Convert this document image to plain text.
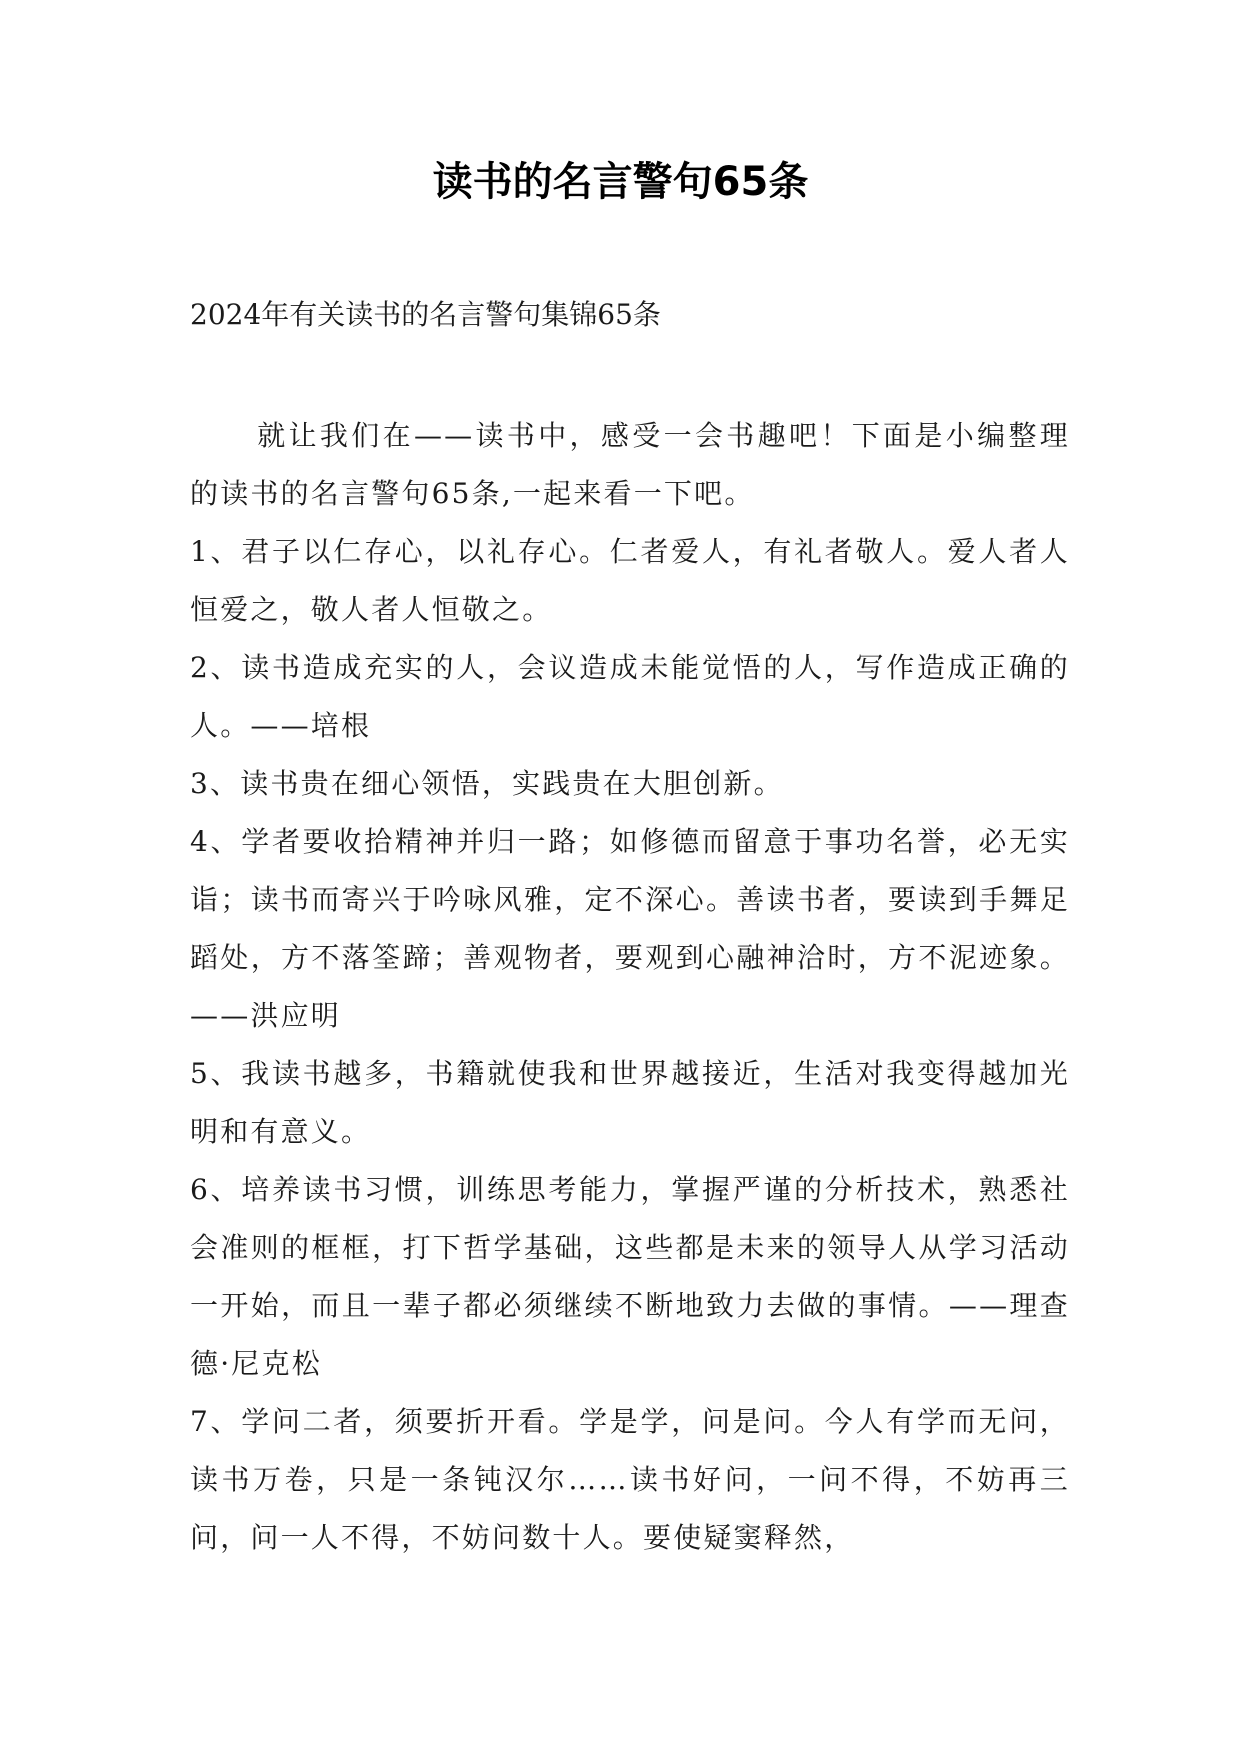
读书的名言警句65条

2024年有关读书的名言警句集锦65条

就让我们在——读书中，感受一会书趣吧！下面是小编整理的读书的名言警句65条,一起来看一下吧。

1、君子以仁存心，以礼存心。仁者爱人，有礼者敬人。爱人者人恒爱之，敬人者人恒敬之。

2、读书造成充实的人，会议造成未能觉悟的人，写作造成正确的人。——培根

3、读书贵在细心领悟，实践贵在大胆创新。

4、学者要收拾精神并归一路；如修德而留意于事功名誉，必无实诣；读书而寄兴于吟咏风雅，定不深心。善读书者，要读到手舞足蹈处，方不落筌蹄；善观物者，要观到心融神洽时，方不泥迹象。——洪应明

5、我读书越多，书籍就使我和世界越接近，生活对我变得越加光明和有意义。

6、培养读书习惯，训练思考能力，掌握严谨的分析技术，熟悉社会准则的框框，打下哲学基础，这些都是未来的领导人从学习活动一开始，而且一辈子都必须继续不断地致力去做的事情。——理查德·尼克松

7、学问二者，须要折开看。学是学，问是问。今人有学而无问，读书万卷，只是一条钝汉尔……读书好问，一问不得，不妨再三问，问一人不得，不妨问数十人。要使疑窦释然，
